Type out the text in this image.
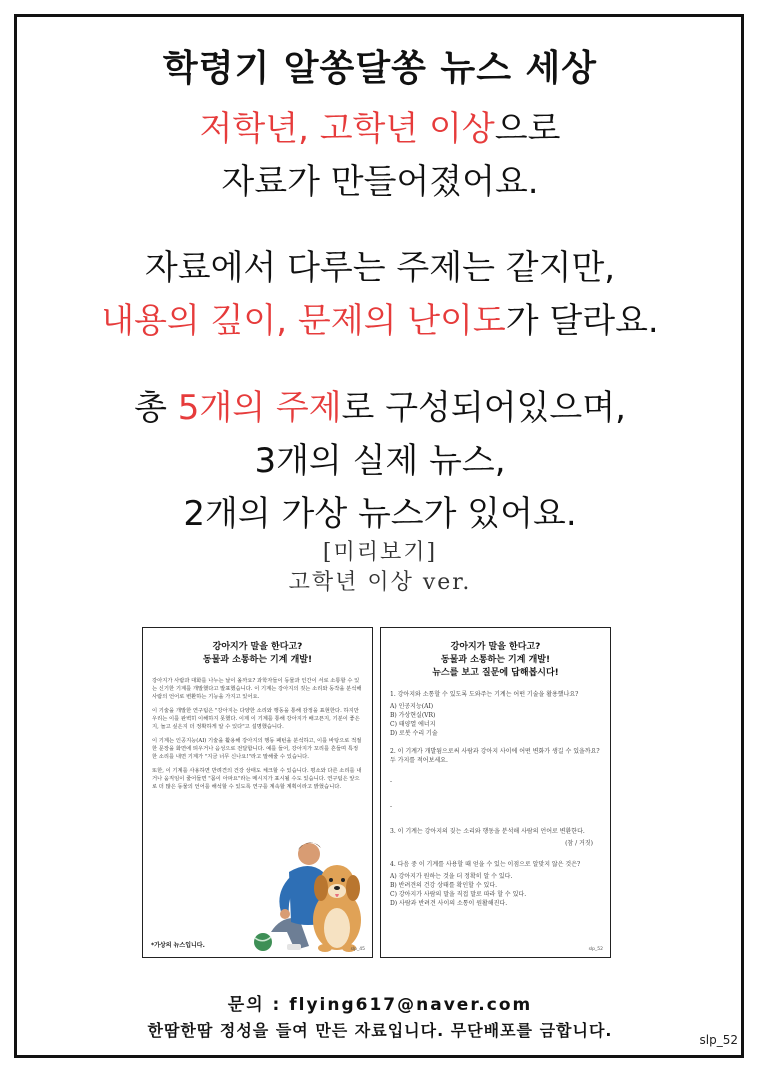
학령기 알쏭달쏭 뉴스 세상
저학년, 고학년 이상으로
자료가 만들어졌어요.
자료에서 다루는 주제는 같지만,
내용의 깊이, 문제의 난이도가 달라요.
총 5개의 주제로 구성되어있으며,
3개의 실제 뉴스,
2개의 가상 뉴스가 있어요.
[미리보기]
고학년 이상 ver.
강아지가 말을 한다고?
동물과 소통하는 기계 개발!

강아지가 사람과 대화를 나누는 날이 올까요? 과학자들이 동물과 인간이 서로 소통할 수 있는 신기한 기계를 개발했다고 발표했습니다. 이 기계는 강아지의 짖는 소리와 동작을 분석해 사람의 언어로 변환하는 기능을 가지고 있어요.

이 기술을 개발한 연구팀은 "강아지는 다양한 소리와 행동을 통해 감정을 표현한다. 하지만 우리는 이를 완벽히 이해하지 못했다. 이제 이 기계를 통해 강아지가 배고픈지, 기분이 좋은지, 놀고 싶은지 더 정확하게 알 수 있다"고 설명했습니다.

이 기계는 인공지능(AI) 기술을 활용해 강아지의 행동 패턴을 분석하고, 이를 바탕으로 적절한 문장을 화면에 띄우거나 음성으로 전달합니다. 예를 들어, 강아지가 꼬리를 흔들며 특정한 소리를 내면 기계가 "지금 너무 신나요!"라고 말해줄 수 있습니다.

또한, 이 기계를 사용하면 반려견의 건강 상태도 체크할 수 있습니다. 평소와 다른 소리를 내거나 움직임이 줄어들면 "몸이 아파요"라는 메시지가 표시될 수도 있습니다. 연구팀은 앞으로 더 많은 동물의 언어를 해석할 수 있도록 연구를 계속할 계획이라고 밝혔습니다.

*가상의 뉴스입니다.
slp_45
강아지가 말을 한다고?
동물과 소통하는 기계 개발!
뉴스를 보고 질문에 답해봅시다!
1. 강아지와 소통할 수 있도록 도와주는 기계는 어떤 기술을 활용했나요?
A) 인공지능(AI)
B) 가상현실(VR)
C) 태양열 에너지
D) 로봇 수리 기술
2. 이 기계가 개발됨으로써 사람과 강아지 사이에 어떤 변화가 생길 수 있을까요? 두 가지를 적어보세요.
-
-
3. 이 기계는 강아지의 짖는 소리와 행동을 분석해 사람의 언어로 변환한다.
(참 / 거짓)
4. 다음 중 이 기계를 사용할 때 얻을 수 있는 이점으로 알맞지 않은 것은?
A) 강아지가 원하는 것을 더 정확히 알 수 있다.
B) 반려견의 건강 상태를 확인할 수 있다.
C) 강아지가 사람의 말을 직접 말로 따라 할 수 있다.
D) 사람과 반려견 사이의 소통이 원활해진다.
slp_52
문의 : flying617@naver.com
한땀한땀 정성을 들여 만든 자료입니다. 무단배포를 금합니다.	slp_52
